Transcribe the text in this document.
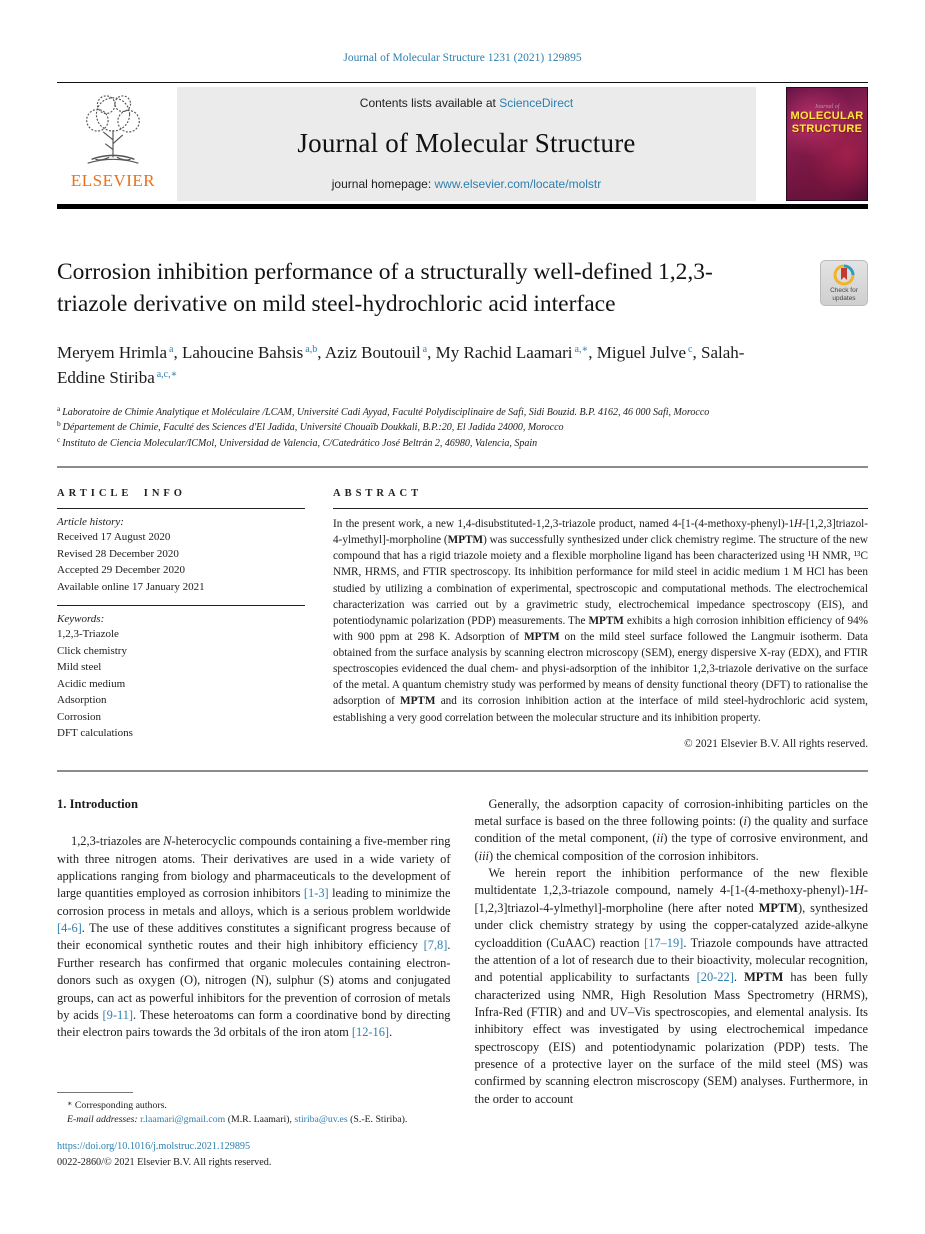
Journal of Molecular Structure 1231 (2021) 129895
ELSEVIER
Contents lists available at ScienceDirect
Journal of Molecular Structure
journal homepage: www.elsevier.com/locate/molstr
Journal of
MOLECULAR
STRUCTURE
Corrosion inhibition performance of a structurally well-defined 1,2,3-triazole derivative on mild steel-hydrochloric acid interface
Check for
updates
Meryem Hrimla $^a$, Lahoucine Bahsis $^{a,b}$, Aziz Boutouil $^a$, My Rachid Laamari $^{a,∗}$, Miguel Julve $^c$, Salah-Eddine Stiriba $^{a,c,∗}$
$^a$ Laboratoire de Chimie Analytique et Moléculaire /LCAM, Université Cadi Ayyad, Faculté Polydisciplinaire de Safi, Sidi Bouzid. B.P. 4162, 46 000 Safi, Morocco
$^b$ Département de Chimie, Faculté des Sciences d'El Jadida, Université Chouaïb Doukkali, B.P.:20, El Jadida 24000, Morocco
$^c$ Instituto de Ciencia Molecular/ICMol, Universidad de Valencia, C/Catedrático José Beltrán 2, 46980, Valencia, Spain
ARTICLE INFO
Article history:
Received 17 August 2020
Revised 28 December 2020
Accepted 29 December 2020
Available online 17 January 2021
Keywords:
1,2,3-Triazole
Click chemistry
Mild steel
Acidic medium
Adsorption
Corrosion
DFT calculations
ABSTRACT
In the present work, a new 1,4-disubstituted-1,2,3-triazole product, named 4-[1-(4-methoxy-phenyl)-1H-[1,2,3]triazol-4-ylmethyl]-morpholine (MPTM) was successfully synthesized under click chemistry regime. The structure of the new compound that has a rigid triazole moiety and a flexible morpholine ligand has been characterized using ¹H NMR, ¹³C NMR, HRMS, and FTIR spectroscopy. Its inhibition performance for mild steel in acidic medium 1 M HCl has been studied by utilizing a combination of experimental, spectroscopic and computational methods. The electrochemical characterization was carried out by a gravimetric study, electrochemical impedance spectroscopy (EIS), and potentiodynamic polarization (PDP) measurements. The MPTM exhibits a high corrosion inhibition efficiency of 94% with 900 ppm at 298 K. Adsorption of MPTM on the mild steel surface followed the Langmuir isotherm. Data obtained from the surface analysis by scanning electron microscopy (SEM), energy dispersive X-ray (EDX), and FTIR spectroscopies evidenced the dual chem- and physi-adsorption of the inhibitor 1,2,3-triazole derivative on the surface of the metal. A quantum chemistry study was performed by means of density functional theory (DFT) to rationalise the adsorption of MPTM and its corrosion inhibition action at the interface of mild steel-hydrochloric acid system, establishing a very good correlation between the molecular structure and its inhibition property.
© 2021 Elsevier B.V. All rights reserved.
1. Introduction

1,2,3-triazoles are N-heterocyclic compounds containing a five-member ring with three nitrogen atoms. Their derivatives are used in a wide variety of applications ranging from biology and pharmaceuticals to the development of large quantities employed as corrosion inhibitors [1-3] leading to minimize the corrosion process in metals and alloys, which is a serious problem worldwide [4-6]. The use of these additives constitutes a significant progress because of their economical synthetic routes and their high inhibitory efficiency [7,8]. Further research has confirmed that organic molecules containing electron-donors such as oxygen (O), nitrogen (N), sulphur (S) atoms and conjugated groups, can act as powerful inhibitors for the prevention of corrosion of metals by acids [9-11]. These heteroatoms can form a coordinative bond by directing their electron pairs towards the 3d orbitals of the iron atom [12-16].

∗ Corresponding authors.
E-mail addresses: r.laamari@gmail.com (M.R. Laamari), stiriba@uv.es (S.-E. Stiriba).

Generally, the adsorption capacity of corrosion-inhibiting particles on the metal surface is based on the three following points: (i) the quality and surface condition of the metal component, (ii) the type of corrosive environment, and (iii) the chemical composition of the corrosion inhibitors.

We herein report the inhibition performance of the new flexible multidentate 1,2,3-triazole compound, namely 4-[1-(4-methoxy-phenyl)-1H-[1,2,3]triazol-4-ylmethyl]-morpholine (here after noted MPTM), synthesized under click chemistry strategy by using the copper-catalyzed azide-alkyne cycloaddition (CuAAC) reaction [17–19]. Triazole compounds have attracted the attention of a lot of research due to their bioactivity, molecular recognition, and potential applicability to surfactants [20-22]. MPTM has been fully characterized using NMR, High Resolution Mass Spectrometry (HRMS), Infra-Red (FTIR) and and UV–Vis spectroscopies, and elemental analysis. Its inhibitory effect was investigated by using electrochemical impedance spectroscopy (EIS) and potentiodynamic polarization (PDP) tests. The presence of a protective layer on the surface of the mild steel (MS) was confirmed by scanning electron miscroscopy (SEM) analyses. Furthermore, in the order to account

https://doi.org/10.1016/j.molstruc.2021.129895
0022-2860/© 2021 Elsevier B.V. All rights reserved.
